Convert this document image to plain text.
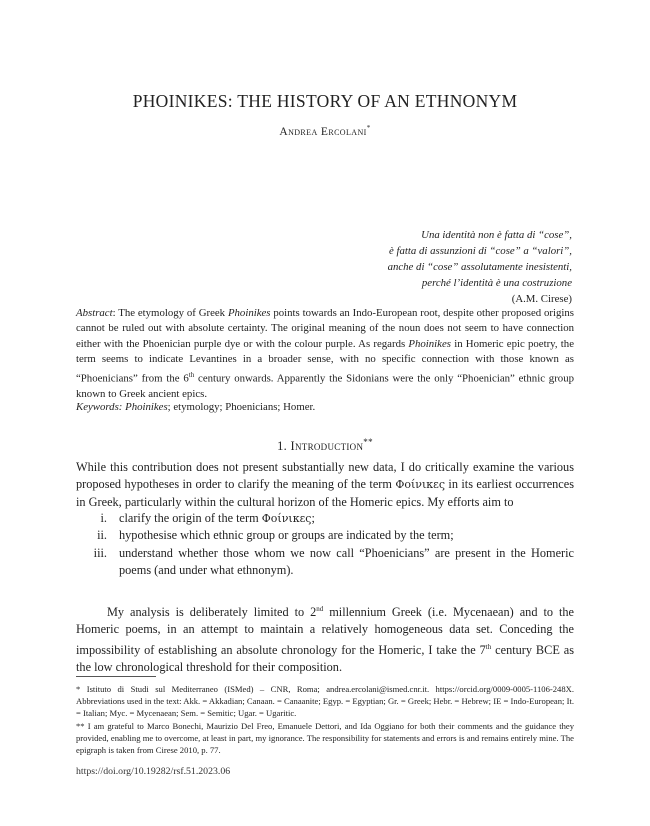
PHOINIKES: THE HISTORY OF AN ETHNONYM
Andrea Ercolani*
Una identità non è fatta di “cose”,
è fatta di assunzioni di “cose” a “valori”,
anche di “cose” assolutamente inesistenti,
perché l’identità è una costruzione
(A.M. Cirese)
Abstract: The etymology of Greek Phoinikes points towards an Indo-European root, despite other proposed origins cannot be ruled out with absolute certainty. The original meaning of the noun does not seem to have connection either with the Phoenician purple dye or with the colour purple. As regards Phoinikes in Homeric epic poetry, the term seems to indicate Levantines in a broader sense, with no specific connection with those known as “Phoenicians” from the 6th century onwards. Apparently the Sidonians were the only “Phoenician” ethnic group known to Greek ancient epics.
Keywords: Phoinikes; etymology; Phoenicians; Homer.
1. Introduction**
While this contribution does not present substantially new data, I do critically examine the various proposed hypotheses in order to clarify the meaning of the term Φοίνικες in its earliest occurrences in Greek, particularly within the cultural horizon of the Homeric epics. My efforts aim to
i. clarify the origin of the term Φοίνικες;
ii. hypothesise which ethnic group or groups are indicated by the term;
iii. understand whether those whom we now call “Phoenicians” are present in the Homeric poems (and under what ethnonym).
My analysis is deliberately limited to 2nd millennium Greek (i.e. Mycenaean) and to the Homeric poems, in an attempt to maintain a relatively homogeneous data set. Conceding the impossibility of establishing an absolute chronology for the Homeric, I take the 7th century BCE as the low chronological threshold for their composition.
* Istituto di Studi sul Mediterraneo (ISMed) – CNR, Roma; andrea.ercolani@ismed.cnr.it. https://orcid.org/0009-0005-1106-248X. Abbreviations used in the text: Akk. = Akkadian; Canaan. = Canaanite; Egyp. = Egyptian; Gr. = Greek; Hebr. = Hebrew; IE = Indo-European; It. = Italian; Myc. = Mycenaean; Sem. = Semitic; Ugar. = Ugaritic.
** I am grateful to Marco Bonechi, Maurizio Del Freo, Emanuele Dettori, and Ida Oggiano for both their comments and the guidance they provided, enabling me to overcome, at least in part, my ignorance. The responsibility for statements and errors is and remains entirely mine. The epigraph is taken from Cirese 2010, p. 77.
https://doi.org/10.19282/rsf.51.2023.06
